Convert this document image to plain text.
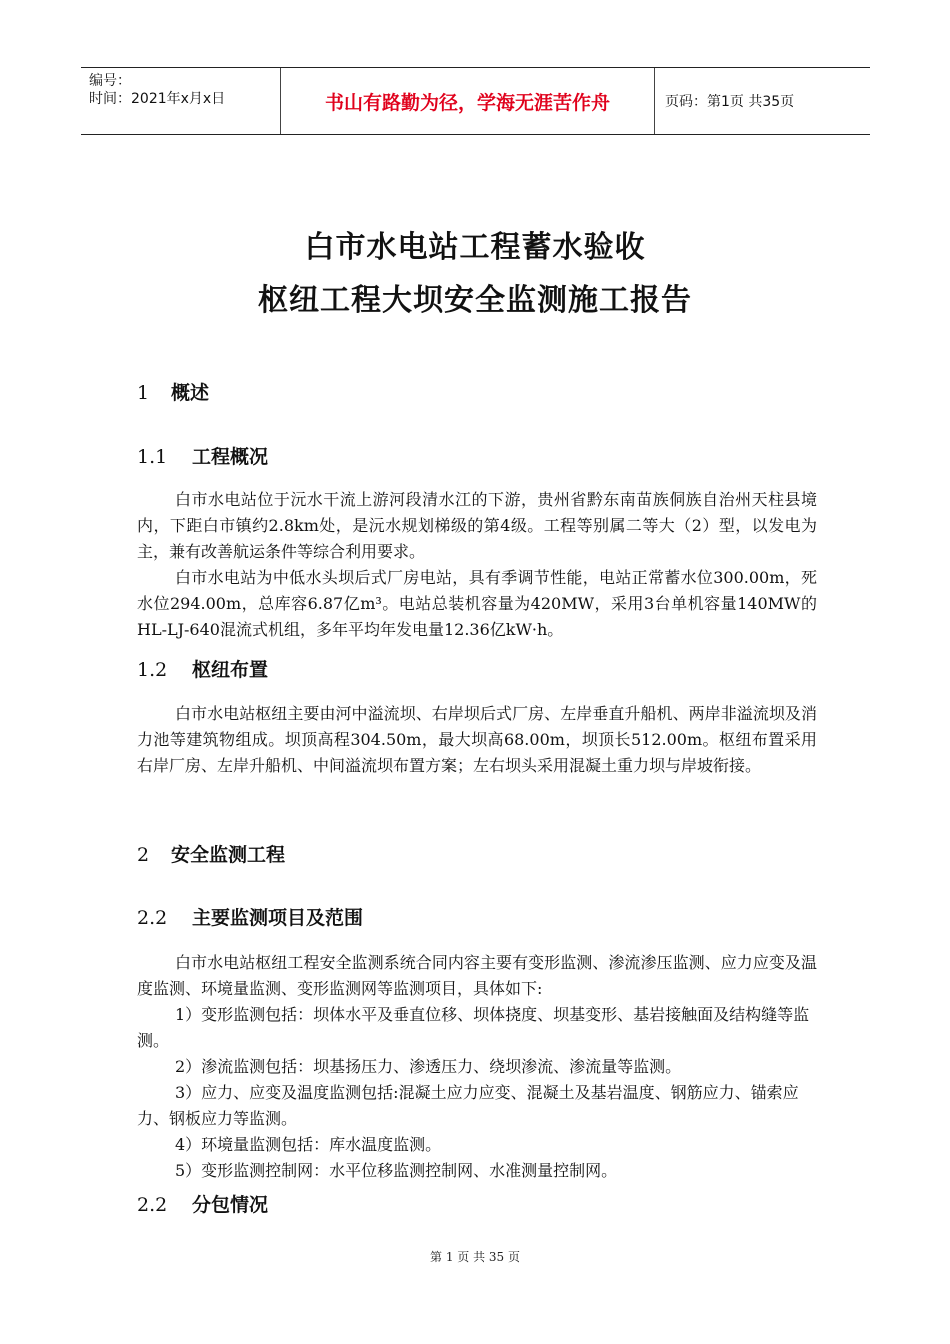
编号：
时间：2021年x月x日	书山有路勤为径，学海无涯苦作舟	页码：第1页 共35页
白市水电站工程蓄水验收
枢纽工程大坝安全监测施工报告
1 概述
1.1 工程概况

白市水电站位于沅水干流上游河段清水江的下游，贵州省黔东南苗族侗族自治州天柱县境内，下距白市镇约2.8km处，是沅水规划梯级的第4级。工程等别属二等大（2）型，以发电为主，兼有改善航运条件等综合利用要求。

白市水电站为中低水头坝后式厂房电站，具有季调节性能，电站正常蓄水位300.00m，死水位294.00m，总库容6.87亿m³。电站总装机容量为420MW，采用3台单机容量140MW的HL-LJ-640混流式机组，多年平均年发电量12.36亿kW·h。

1.2 枢纽布置

白市水电站枢纽主要由河中溢流坝、右岸坝后式厂房、左岸垂直升船机、两岸非溢流坝及消力池等建筑物组成。坝顶高程304.50m，最大坝高68.00m，坝顶长512.00m。枢纽布置采用右岸厂房、左岸升船机、中间溢流坝布置方案；左右坝头采用混凝土重力坝与岸坡衔接。

2 安全监测工程
2.2 主要监测项目及范围

白市水电站枢纽工程安全监测系统合同内容主要有变形监测、渗流渗压监测、应力应变及温度监测、环境量监测、变形监测网等监测项目，具体如下:

1）变形监测包括：坝体水平及垂直位移、坝体挠度、坝基变形、基岩接触面及结构缝等监测。
2）渗流监测包括：坝基扬压力、渗透压力、绕坝渗流、渗流量等监测。
3）应力、应变及温度监测包括:混凝土应力应变、混凝土及基岩温度、钢筋应力、锚索应力、钢板应力等监测。
4）环境量监测包括：库水温度监测。
5）变形监测控制网：水平位移监测控制网、水准测量控制网。
2.2 分包情况
第 1 页 共 35 页
